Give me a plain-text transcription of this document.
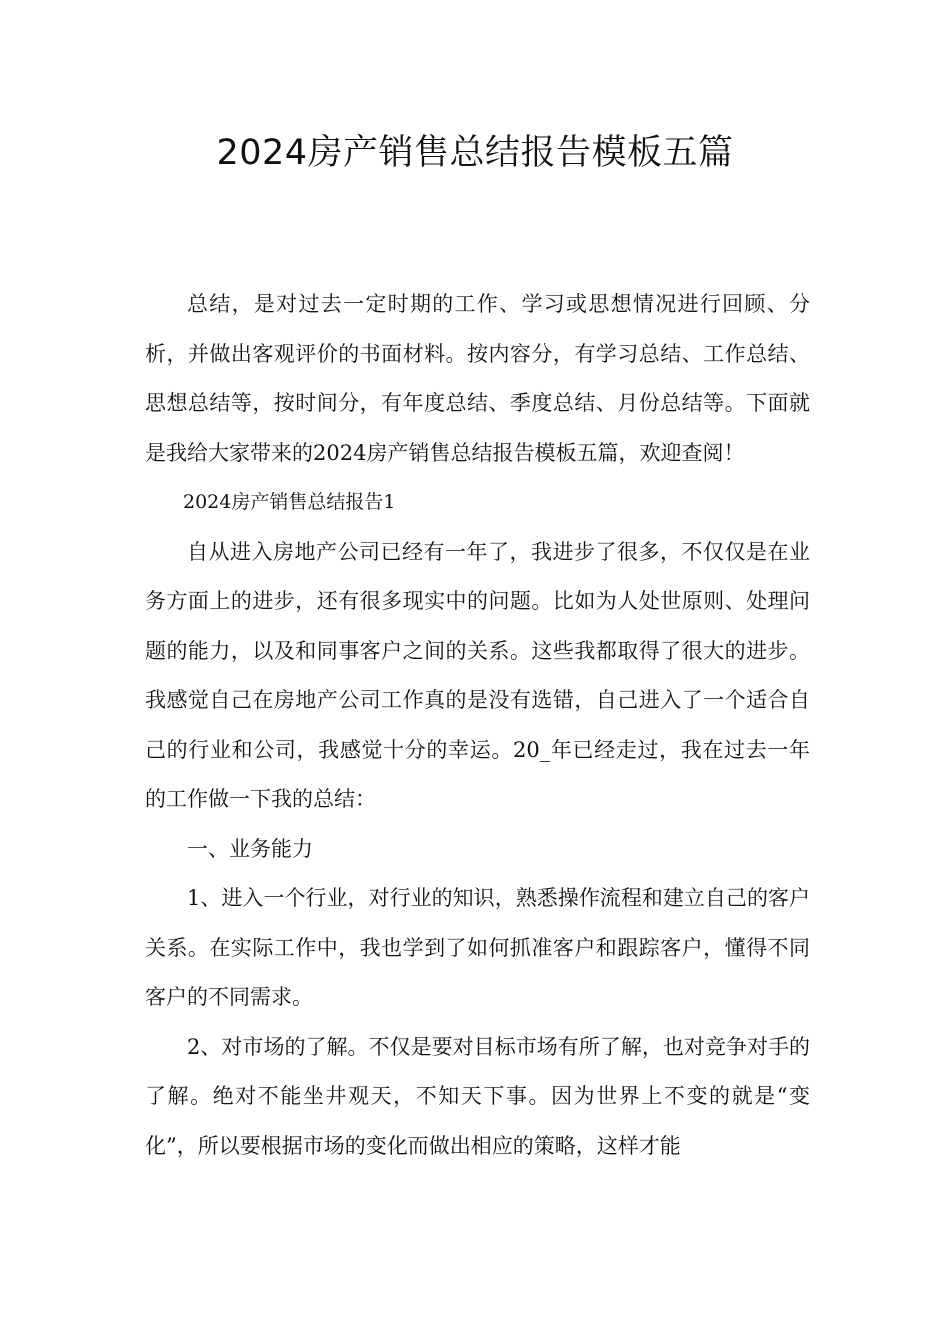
2024房产销售总结报告模板五篇

总结，是对过去一定时期的工作、学习或思想情况进行回顾、分析，并做出客观评价的书面材料。按内容分，有学习总结、工作总结、思想总结等，按时间分，有年度总结、季度总结、月份总结等。下面就是我给大家带来的2024房产销售总结报告模板五篇，欢迎查阅！

2024房产销售总结报告1

自从进入房地产公司已经有一年了，我进步了很多，不仅仅是在业务方面上的进步，还有很多现实中的问题。比如为人处世原则、处理问题的能力，以及和同事客户之间的关系。这些我都取得了很大的进步。我感觉自己在房地产公司工作真的是没有选错，自己进入了一个适合自己的行业和公司，我感觉十分的幸运。20_年已经走过，我在过去一年的工作做一下我的总结：

一、业务能力

1、进入一个行业，对行业的知识，熟悉操作流程和建立自己的客户关系。在实际工作中，我也学到了如何抓准客户和跟踪客户，懂得不同客户的不同需求。

2、对市场的了解。不仅是要对目标市场有所了解，也对竞争对手的了解。绝对不能坐井观天，不知天下事。因为世界上不变的就是“变化”，所以要根据市场的变化而做出相应的策略，这样才能
